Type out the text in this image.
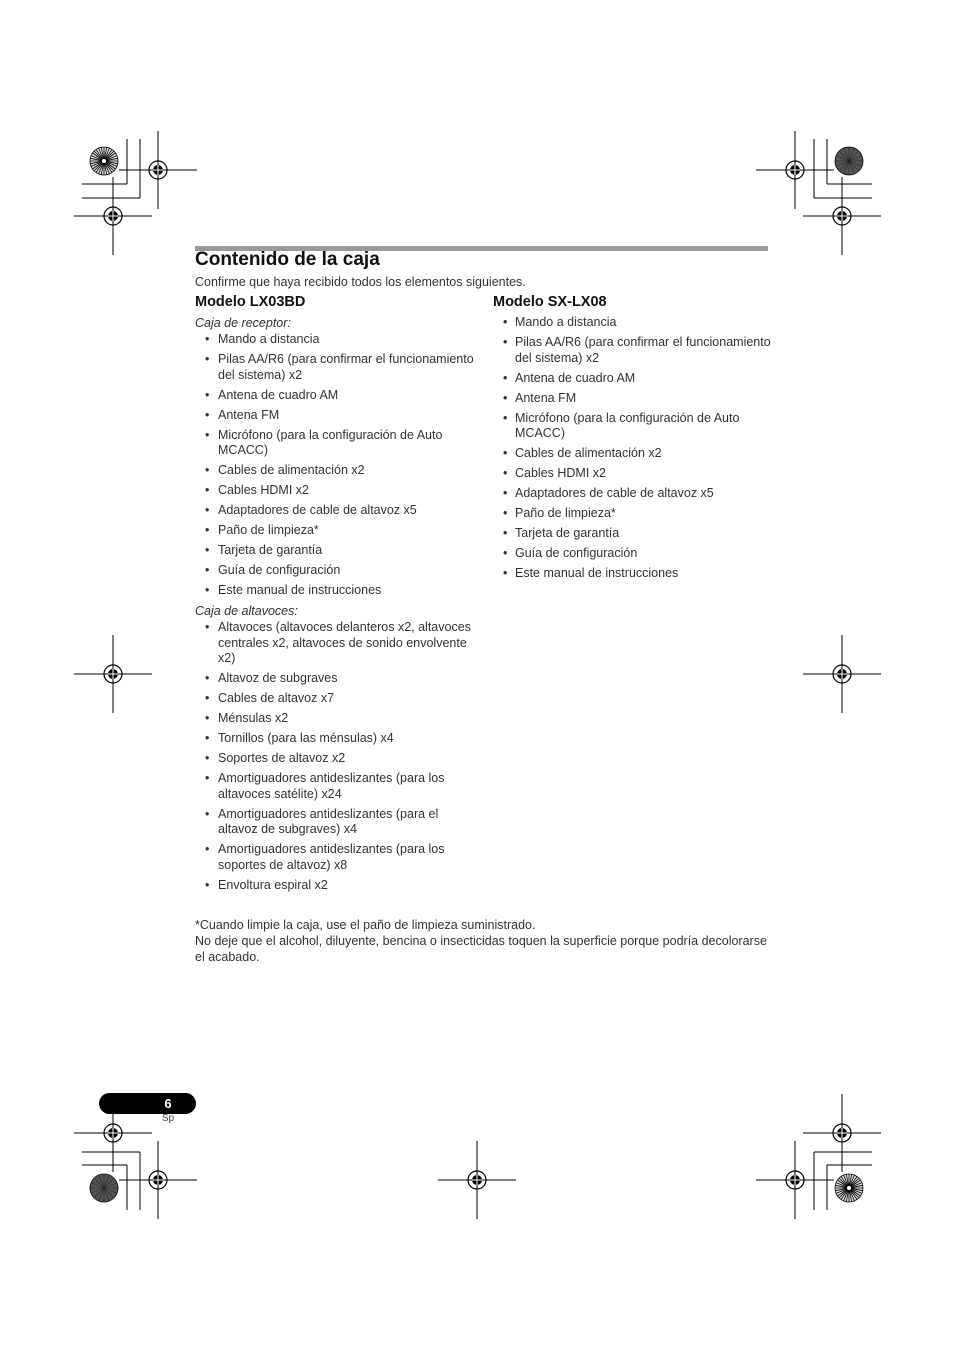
Contenido de la caja

Confirme que haya recibido todos los elementos siguientes.

Modelo LX03BD
Caja de receptor:
• Mando a distancia
• Pilas AA/R6 (para confirmar el funcionamiento del sistema) x2
• Antena de cuadro AM
• Antena FM
• Micrófono (para la configuración de Auto MCACC)
• Cables de alimentación x2
• Cables HDMI x2
• Adaptadores de cable de altavoz x5
• Paño de limpieza*
• Tarjeta de garantía
• Guía de configuración
• Este manual de instrucciones
Caja de altavoces:
• Altavoces (altavoces delanteros x2, altavoces centrales x2, altavoces de sonido envolvente x2)
• Altavoz de subgraves
• Cables de altavoz x7
• Ménsulas x2
• Tornillos (para las ménsulas) x4
• Soportes de altavoz x2
• Amortiguadores antideslizantes (para los altavoces satélite) x24
• Amortiguadores antideslizantes (para el altavoz de subgraves) x4
• Amortiguadores antideslizantes (para los soportes de altavoz) x8
• Envoltura espiral x2
Modelo SX-LX08
• Mando a distancia
• Pilas AA/R6 (para confirmar el funcionamiento del sistema) x2
• Antena de cuadro AM
• Antena FM
• Micrófono (para la configuración de Auto MCACC)
• Cables de alimentación x2
• Cables HDMI x2
• Adaptadores de cable de altavoz x5
• Paño de limpieza*
• Tarjeta de garantía
• Guía de configuración
• Este manual de instrucciones

*Cuando limpie la caja, use el paño de limpieza suministrado.
No deje que el alcohol, diluyente, bencina o insecticidas toquen la superficie porque podría decolorarse el acabado.

6
Sp
